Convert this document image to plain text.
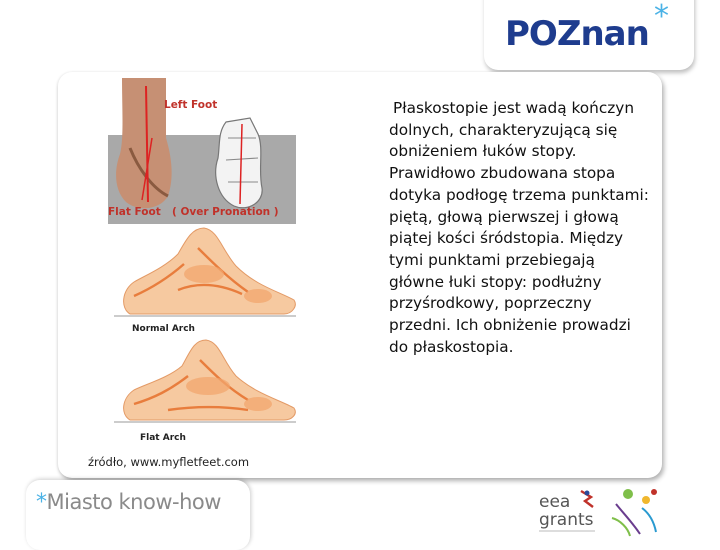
POZnan *
Left Foot
Flat Foot ( Over Pronation )
Normal Arch
Flat Arch
Płaskostopie jest wadą kończyn dolnych, charakteryzującą się obniżeniem łuków stopy. Prawidłowo zbudowana stopa dotyka podłogę trzema punktami: piętą, głową pierwszej i głową piątej kości śródstopia. Między tymi punktami przebiegają główne łuki stopy: podłużny przyśrodkowy, poprzeczny przedni. Ich obniżenie prowadzi do płaskostopia.
źródło, www.myfletfeet.com
*Miasto know-how	eea
grants
